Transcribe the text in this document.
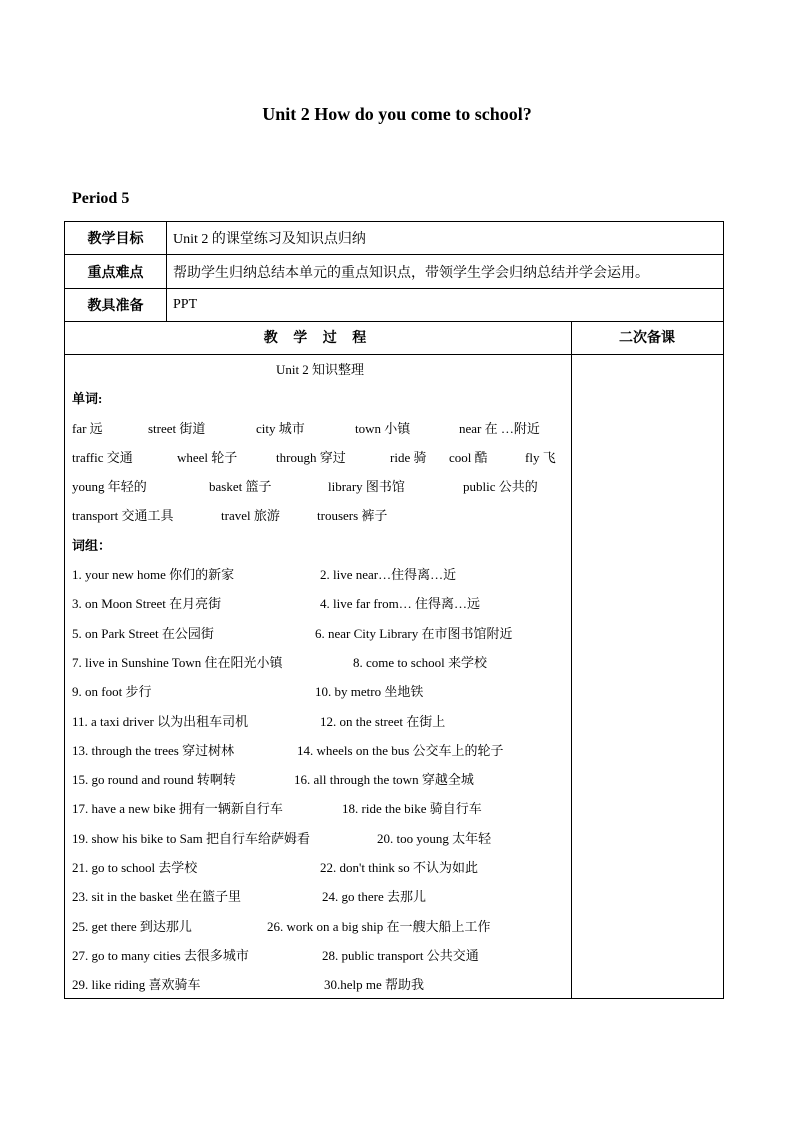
Unit 2 How do you come to school?
Period 5
教学目标	Unit 2 的课堂练习及知识点归纳
重点难点	帮助学生归纳总结本单元的重点知识点，带领学生学会归纳总结并学会运用。
教具准备	PPT
教 学 过 程	二次备课
Unit 2 知识整理
单词:
far 远	street 街道	city 城市	town 小镇	near 在 …附近
traffic 交通	wheel 轮子	through 穿过	ride 骑 cool 酷	fly 飞
young 年轻的	basket 篮子	library 图书馆	public 公共的
transport 交通工具	travel 旅游	trousers 裤子
词组：
1. your new home 你们的新家	2. live near…住得离…近
3. on Moon Street 在月亮街	4. live far from… 住得离…远
5. on Park Street 在公园街	6. near City Library 在市图书馆附近
7. live in Sunshine Town 住在阳光小镇	8. come to school 来学校
9. on foot 步行	10. by metro 坐地铁
11. a taxi driver 以为出租车司机	12. on the street 在街上
13. through the trees 穿过树林	14. wheels on the bus 公交车上的轮子
15. go round and round 转啊转	16. all through the town 穿越全城
17. have a new bike 拥有一辆新自行车	18. ride the bike 骑自行车
19. show his bike to Sam 把自行车给萨姆看	20. too young 太年轻
21. go to school 去学校	22. don't think so 不认为如此
23. sit in the basket 坐在篮子里	24. go there 去那儿
25. get there 到达那儿	26. work on a big ship 在一艘大船上工作
27. go to many cities 去很多城市	28. public transport 公共交通
29. like riding 喜欢骑车	30.help me 帮助我
